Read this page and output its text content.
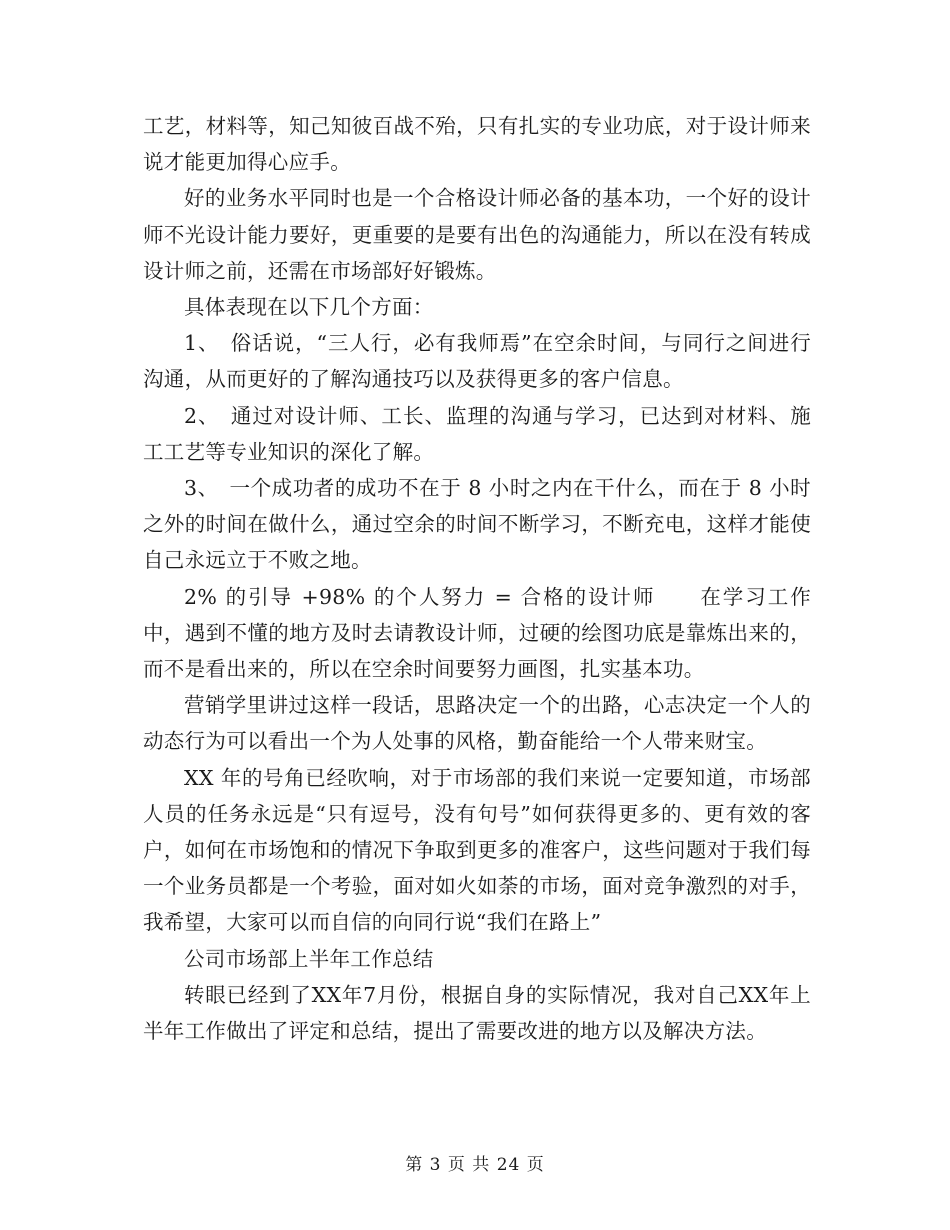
工艺，材料等，知己知彼百战不殆，只有扎实的专业功底，对于设计师来说才能更加得心应手。

好的业务水平同时也是一个合格设计师必备的基本功，一个好的设计师不光设计能力要好，更重要的是要有出色的沟通能力，所以在没有转成设计师之前，还需在市场部好好锻炼。

具体表现在以下几个方面：

1、　俗话说，“三人行，必有我师焉”在空余时间，与同行之间进行沟通，从而更好的了解沟通技巧以及获得更多的客户信息。

2、　通过对设计师、工长、监理的沟通与学习，已达到对材料、施工工艺等专业知识的深化了解。

3、　一个成功者的成功不在于 8 小时之内在干什么，而在于 8 小时之外的时间在做什么，通过空余的时间不断学习，不断充电，这样才能使自己永远立于不败之地。

2% 的引导 +98% 的个人努力 = 合格的设计师　　在学习工作中，遇到不懂的地方及时去请教设计师，过硬的绘图功底是靠炼出来的，而不是看出来的，所以在空余时间要努力画图，扎实基本功。

营销学里讲过这样一段话，思路决定一个的出路，心志决定一个人的动态行为可以看出一个为人处事的风格，勤奋能给一个人带来财宝。

XX 年的号角已经吹响，对于市场部的我们来说一定要知道，市场部人员的任务永远是“只有逗号，没有句号”如何获得更多的、更有效的客户，如何在市场饱和的情况下争取到更多的准客户，这些问题对于我们每一个业务员都是一个考验，面对如火如荼的市场，面对竞争激烈的对手，我希望，大家可以而自信的向同行说“我们在路上”

公司市场部上半年工作总结

转眼已经到了XX年7月份，根据自身的实际情况，我对自己XX年上半年工作做出了评定和总结，提出了需要改进的地方以及解决方法。

第 3 页 共 24 页
